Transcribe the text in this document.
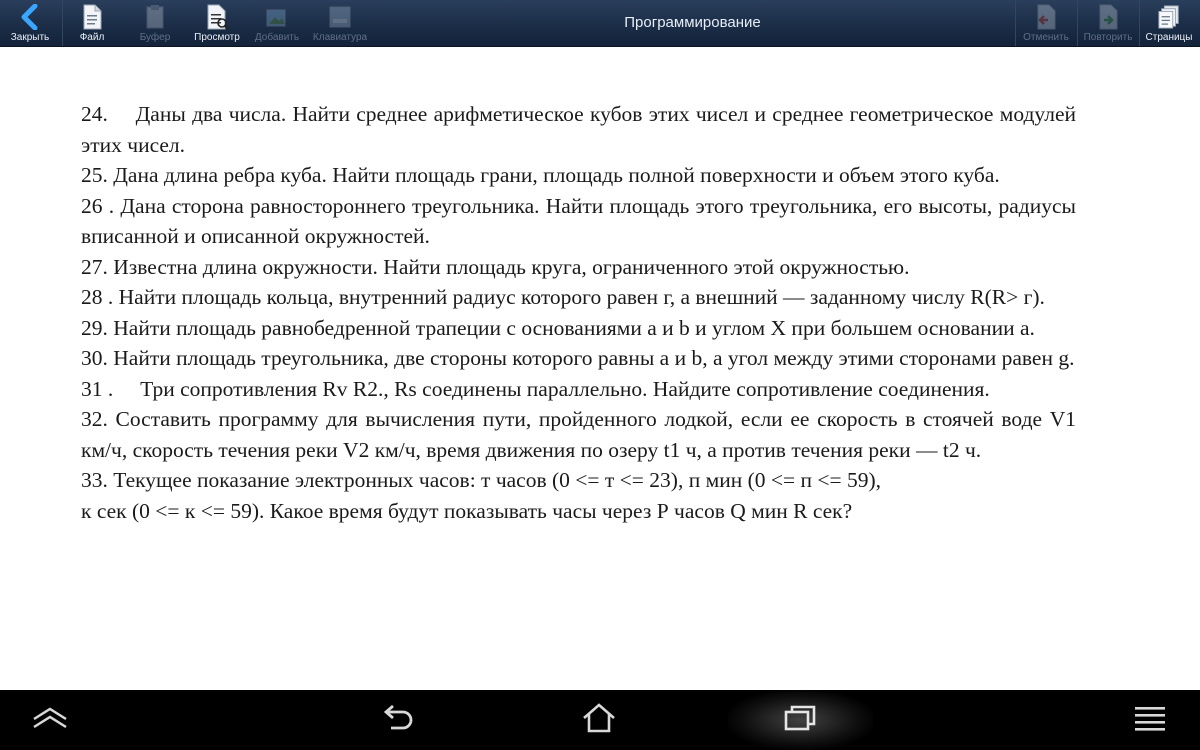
Закрыть	Файл	Буфер Просмотр Добавить Клавиатура
Программирование
Отменить Повторить Страницы

24.  Даны два числа. Найти среднее арифметическое кубов этих чисел и среднее геометрическое модулей этих чисел.

25. Дана длина ребра куба. Найти площадь грани, площадь полной поверхности и объем этого куба.

26 . Дана сторона равностороннего треугольника. Найти площадь этого треугольника, его высоты, радиусы вписанной и описанной окружностей.

27. Известна длина окружности. Найти площадь круга, ограниченного этой окружностью.

28 . Найти площадь кольца, внутренний радиус которого равен г, а внешний — заданному числу R(R> г).

29. Найти площадь равнобедренной трапеции с основаниями а и b и углом X при большем основании а.

30. Найти площадь треугольника, две стороны которого равны а и b, а угол между этими сторонами равен g.

31 .  Три сопротивления Rv R2., Rs соединены параллельно. Найдите сопротивление соединения.

32. Составить программу для вычисления пути, пройденного лодкой, если ее скорость в стоячей воде V1 км/ч, скорость течения реки V2 км/ч, время движения по озеру t1 ч, а против течения реки — t2 ч.

33. Текущее показание электронных часов: т часов (0 <= т <= 23), п мин (0 <= п <= 59),

к сек (0 <= к <= 59). Какое время будут показывать часы через Р часов Q мин R сек?
